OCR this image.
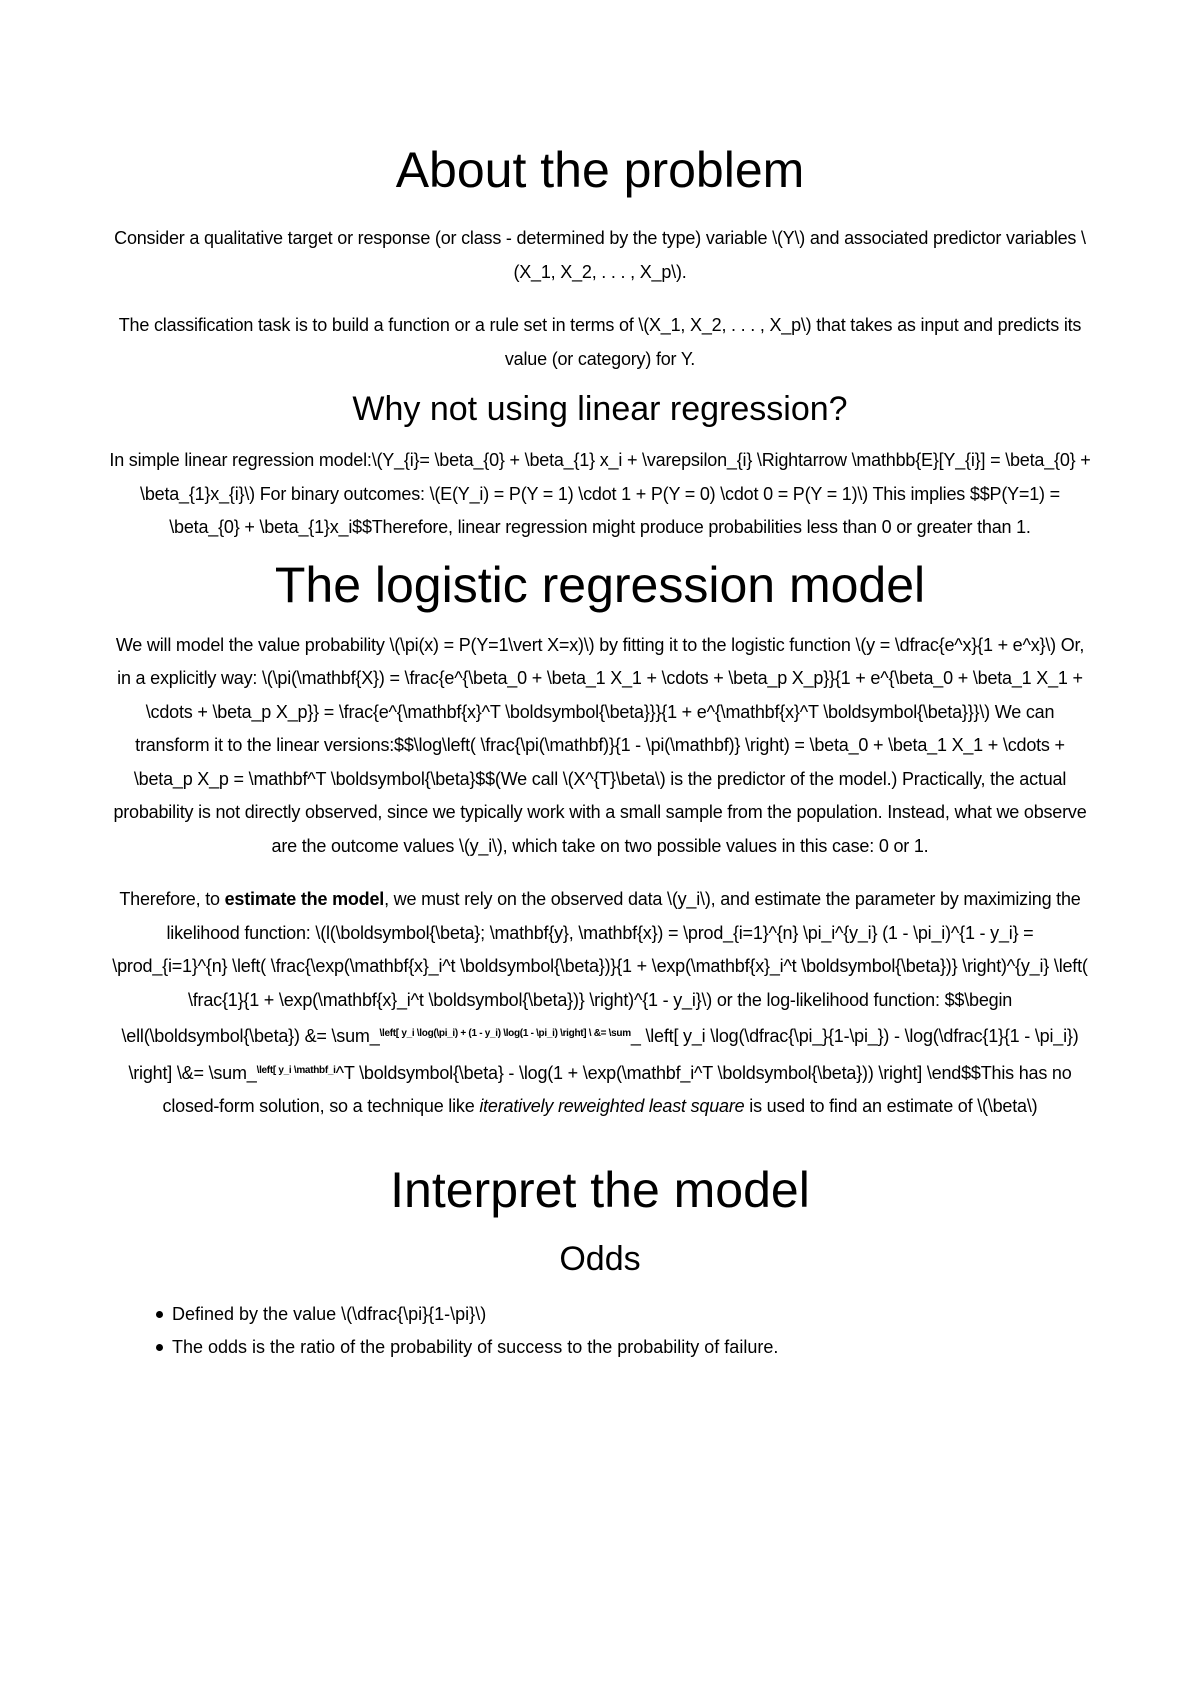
About the problem

Consider a qualitative target or response (or class - determined by the type) variable \(Y\) and associated predictor variables \(X_1, X_2, . . . , X_p\).

The classification task is to build a function or a rule set in terms of \(X_1, X_2, . . . , X_p\) that takes as input and predicts its value (or category) for Y.

Why not using linear regression?

In simple linear regression model:\(Y_{i}= \beta_{0} + \beta_{1} x_i + \varepsilon_{i} \Rightarrow \mathbb{E}[Y_{i}] = \beta_{0} + \beta_{1}x_{i}\) For binary outcomes: \(E(Y_i) = P(Y = 1) \cdot 1 + P(Y = 0) \cdot 0 = P(Y = 1)\) This implies $$P(Y=1) = \beta_{0} + \beta_{1}x_i$$Therefore, linear regression might produce probabilities less than 0 or greater than 1.

The logistic regression model

We will model the value probability \(\pi(x) = P(Y=1\vert X=x)\) by fitting it to the logistic function \(y = \dfrac{e^x}{1 + e^x}\) Or, in a explicitly way: \(\pi(\mathbf{X}) = \frac{e^{\beta_0 + \beta_1 X_1 + \cdots + \beta_p X_p}}{1 + e^{\beta_0 + \beta_1 X_1 + \cdots + \beta_p X_p}} = \frac{e^{\mathbf{x}^T \boldsymbol{\beta}}}{1 + e^{\mathbf{x}^T \boldsymbol{\beta}}}\) We can transform it to the linear versions:$$\log\left( \frac{\pi(\mathbf)}{1 - \pi(\mathbf)} \right) = \beta_0 + \beta_1 X_1 + \cdots + \beta_p X_p = \mathbf^T \boldsymbol{\beta}$$(We call \(X^{T}\beta\) is the predictor of the model.) Practically, the actual probability is not directly observed, since we typically work with a small sample from the population. Instead, what we observe are the outcome values \(y_i\), which take on two possible values in this case: 0 or 1.

Therefore, to estimate the model, we must rely on the observed data \(y_i\), and estimate the parameter by maximizing the likelihood function: \(l(\boldsymbol{\beta}; \mathbf{y}, \mathbf{x}) = \prod_{i=1}^{n} \pi_i^{y_i} (1 - \pi_i)^{1 - y_i} = \prod_{i=1}^{n} \left( \frac{\exp(\mathbf{x}_i^t \boldsymbol{\beta})}{1 + \exp(\mathbf{x}_i^t \boldsymbol{\beta})} \right)^{y_i} \left( \frac{1}{1 + \exp(\mathbf{x}_i^t \boldsymbol{\beta})} \right)^{1 - y_i}\) or the log-likelihood function: $$\begin \ell(\boldsymbol{\beta}) &= \sum_$^{\backslash left[ y\_i \backslash log(\backslash pi\_i) + (1 - y\_i) \backslash log(1 - \backslash pi\_i) \backslash right] \backslash \&= \backslash sum}$_ \left[ y_i \log(\dfrac{\pi_}{1-\pi_}) - \log(\dfrac{1}{1 - \pi_i}) \right] \&= \sum_$^{\backslash left[ y\_i \backslash mathbf\_i}$^T \boldsymbol{\beta} - \log(1 + \exp(\mathbf_i^T \boldsymbol{\beta})) \right] \end$$This has no closed-form solution, so a technique like iteratively reweighted least square is used to find an estimate of \(\beta\)

Interpret the model
Odds
Defined by the value \(\dfrac{\pi}{1-\pi}\)
The odds is the ratio of the probability of success to the probability of failure.
